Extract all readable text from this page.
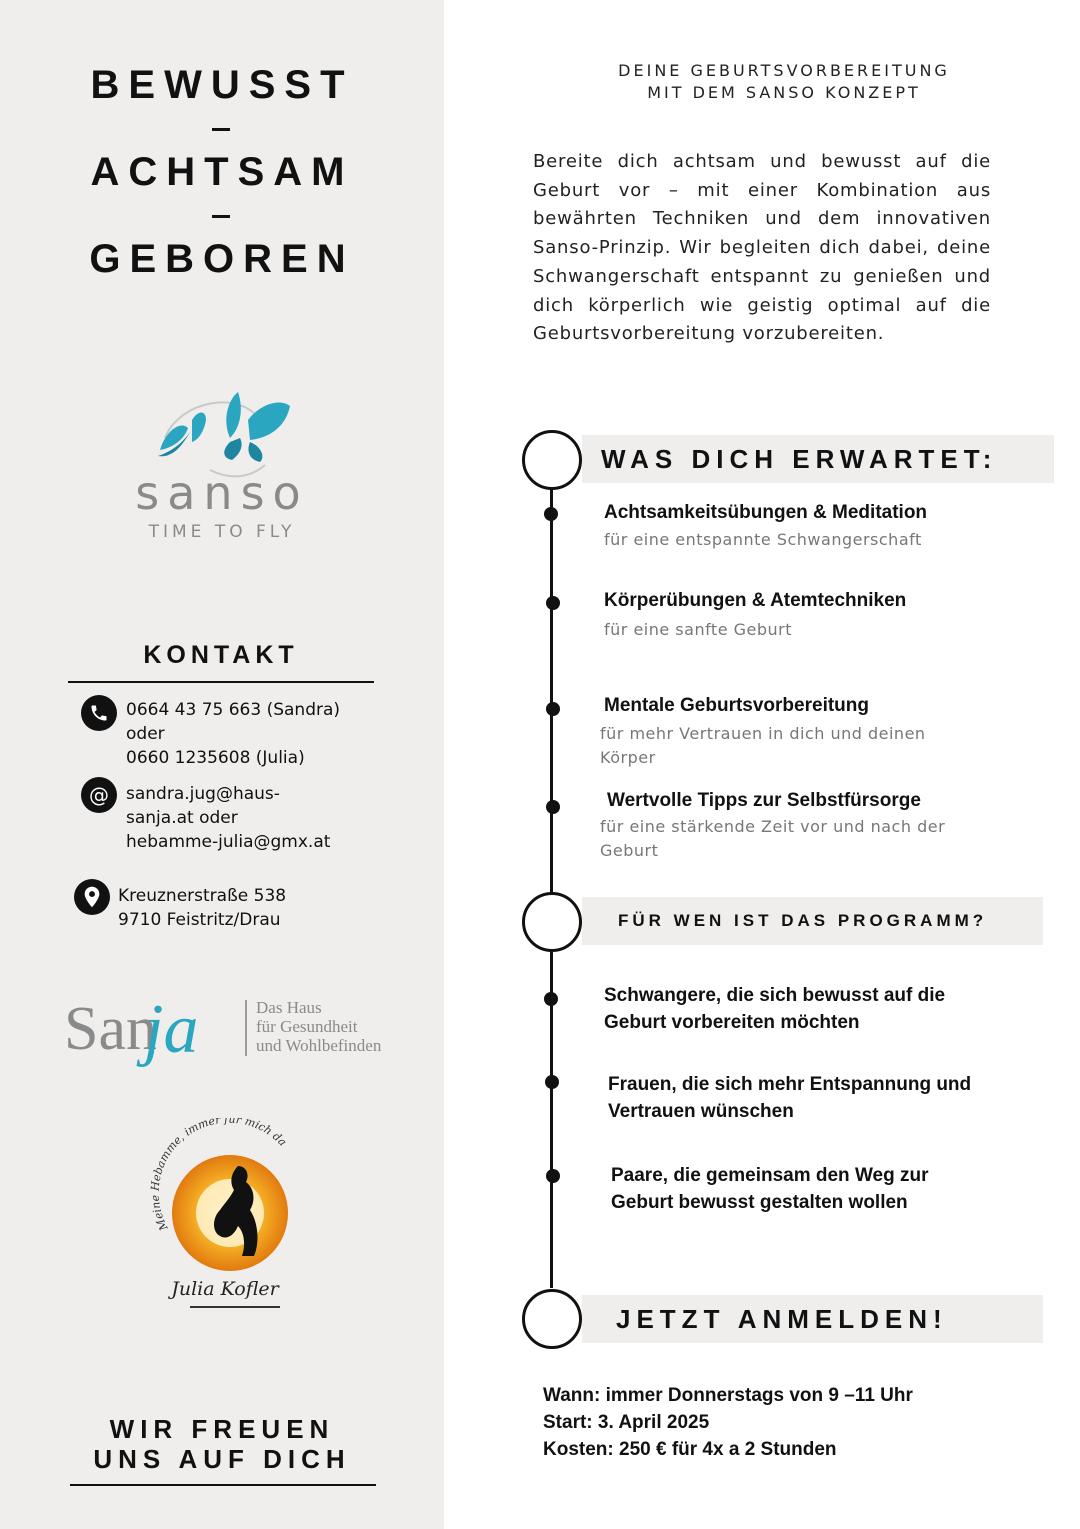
BEWUSST
ACHTSAM
GEBOREN
sanso
TIME TO FLY
KONTAKT
0664 43 75 663 (Sandra)
oder
0660 1235608 (Julia)
@	sandra.jug@haus-
sanja.at oder
hebamme-julia@gmx.at
Kreuznerstraße 538
9710 Feistritz/Drau
San
ja	Das Haus
für Gesundheit
und Wohlbefinden
Mein ebamme, immer für mich da
Julia Kofler
WIR FREUEN
UNS AUF DICH
DEINE GEBURTSVORBEREITUNG
MIT DEM SANSO KONZEPT
Bereite dich achtsam und bewusst auf die Geburt vor – mit einer Kombination aus bewährten Techniken und dem innovativen Sanso-Prinzip. Wir begleiten dich dabei, deine Schwangerschaft entspannt zu genießen und dich körperlich wie geistig optimal auf die Geburtsvorbereitung vorzubereiten.
WAS DICH ERWARTET:
Achtsamkeitsübungen & Meditation
für eine entspannte Schwangerschaft
Körperübungen & Atemtechniken
für eine sanfte Geburt
Mentale Geburtsvorbereitung
für mehr Vertrauen in dich und deinen Körper
Wertvolle Tipps zur Selbstfürsorge
für eine stärkende Zeit vor und nach der Geburt
FÜR WEN IST DAS PROGRAMM?
Schwangere, die sich bewusst auf die Geburt vorbereiten möchten
Frauen, die sich mehr Entspannung und Vertrauen wünschen
Paare, die gemeinsam den Weg zur Geburt bewusst gestalten wollen
JETZT ANMELDEN!
Wann: immer Donnerstags von 9 –11 Uhr
Start: 3. April 2025
Kosten: 250 € für 4x a 2 Stunden
